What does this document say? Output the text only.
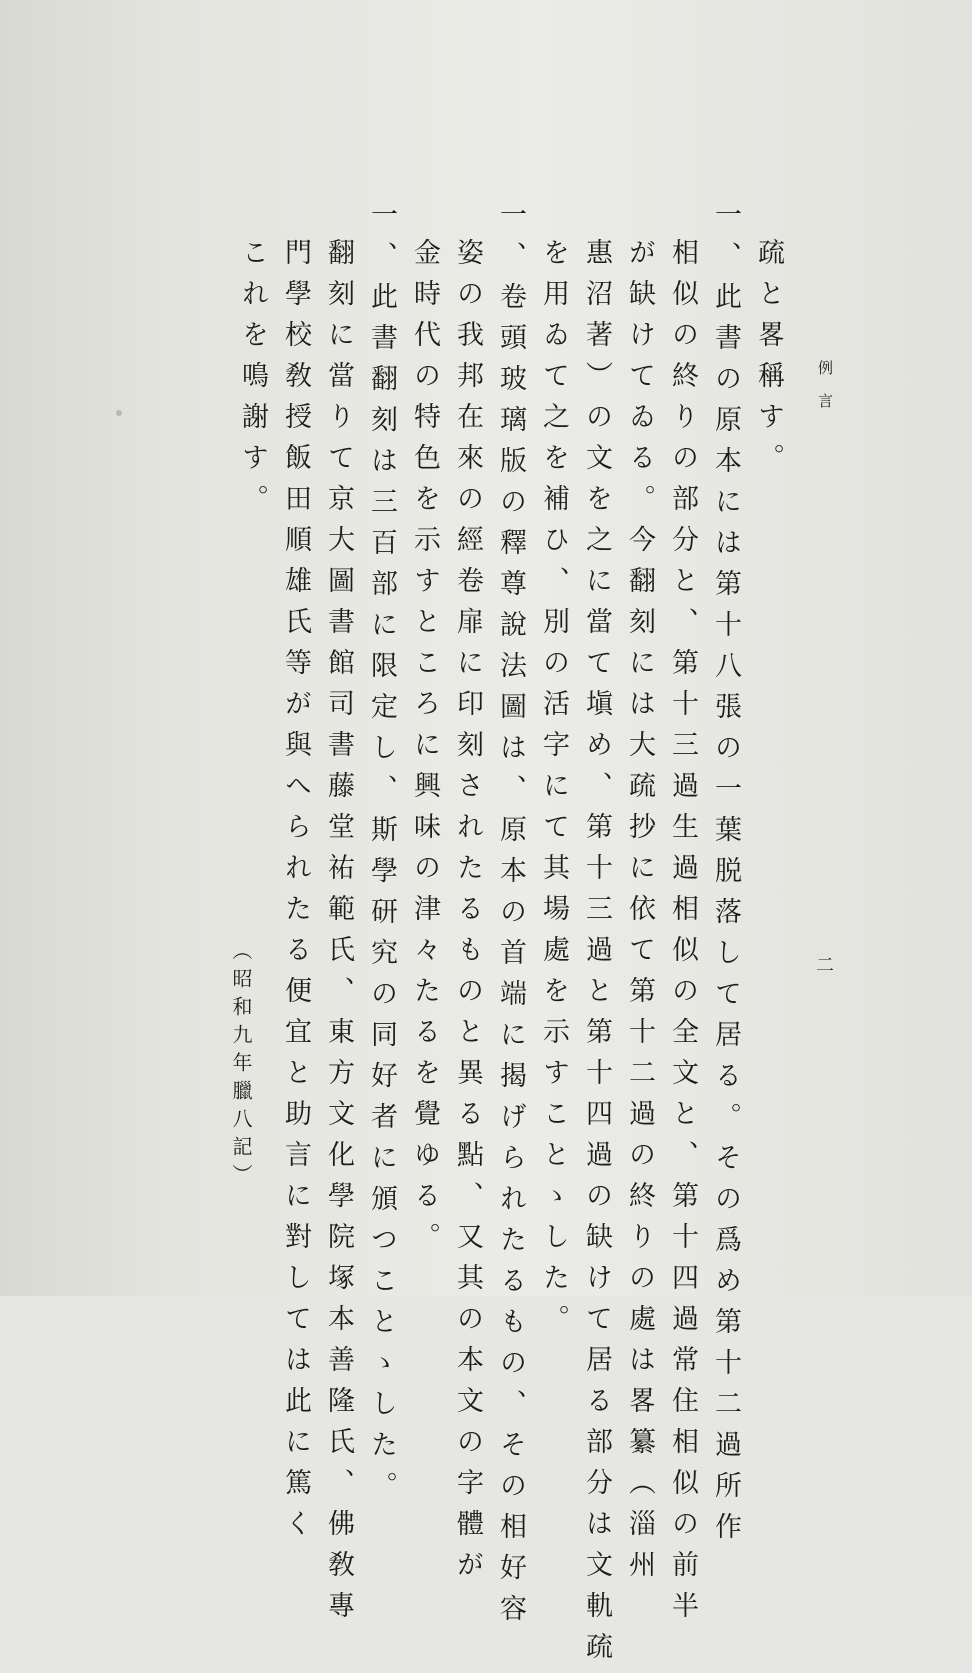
例言
二

疏と畧稱す。

一、此書の原本には第十八張の一葉脱落して居る。その爲め第十二過所作

相似の終りの部分と、第十三過生過相似の全文と、第十四過常住相似の前半

が缺けてゐる。今翻刻には大疏抄に依て第十二過の終りの處は畧纂（淄州

惠沼著）の文を之に當て塡め、第十三過と第十四過の缺けて居る部分は文軌疏

を用ゐて之を補ひ、別の活字にて其場處を示すことゝした。

一、卷頭玻璃版の釋尊說法圖は、原本の首端に揭げられたるもの、その相好容

姿の我邦在來の經卷扉に印刻されたるものと異る點、又其の本文の字體が

金時代の特色を示すところに興味の津々たるを覺ゆる。

一、此書翻刻は三百部に限定し、斯學研究の同好者に頒つことゝした。

翻刻に當りて京大圖書館司書藤堂祐範氏、東方文化學院塚本善隆氏、佛敎專

門學校敎授飯田順雄氏等が與へられたる便宜と助言に對しては此に篤く

これを鳴謝す。

（昭和九年臘八記）
